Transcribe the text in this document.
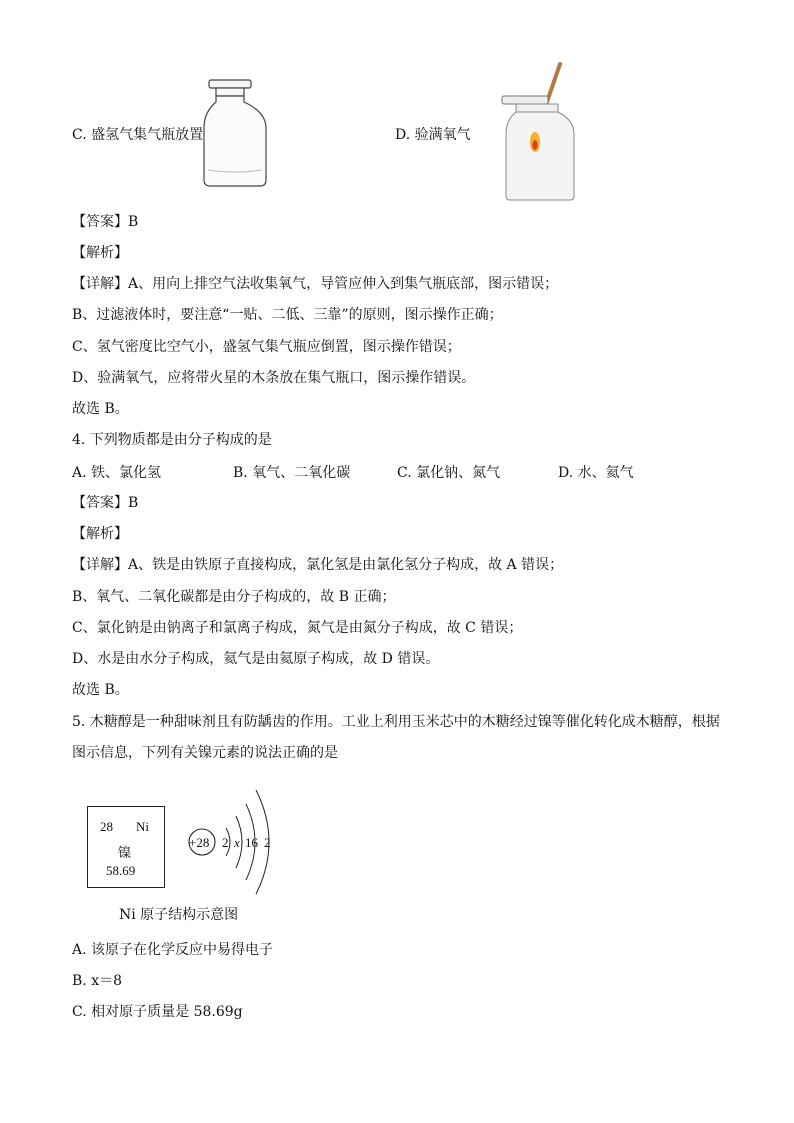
C. 盛氢气集气瓶放置	D. 验满氧气
【答案】B
【解析】
【详解】A、用向上排空气法收集氧气，导管应伸入到集气瓶底部，图示错误；
B、过滤液体时，要注意“一贴、二低、三靠”的原则，图示操作正确；
C、氢气密度比空气小，盛氢气集气瓶应倒置，图示操作错误；
D、验满氧气，应将带火星的木条放在集气瓶口，图示操作错误。
故选 B。
4. 下列物质都是由分子构成的是
A. 铁、氯化氢	B. 氧气、二氧化碳	C. 氯化钠、氮气	D. 水、氦气
【答案】B
【解析】
【详解】A、铁是由铁原子直接构成，氯化氢是由氯化氢分子构成，故 A 错误；
B、氧气、二氧化碳都是由分子构成的，故 B 正确；
C、氯化钠是由钠离子和氯离子构成，氮气是由氮分子构成，故 C 错误；
D、水是由水分子构成，氦气是由氦原子构成，故 D 错误。
故选 B。
5. 木糖醇是一种甜味剂且有防龋齿的作用。工业上利用玉米芯中的木糖经过镍等催化转化成木糖醇，根据
图示信息，下列有关镍元素的说法正确的是
28 Ni
镍
58.69
+28 2 x 16 2
Ni 原子结构示意图
A. 该原子在化学反应中易得电子
B. x＝8
C. 相对原子质量是 58.69g
